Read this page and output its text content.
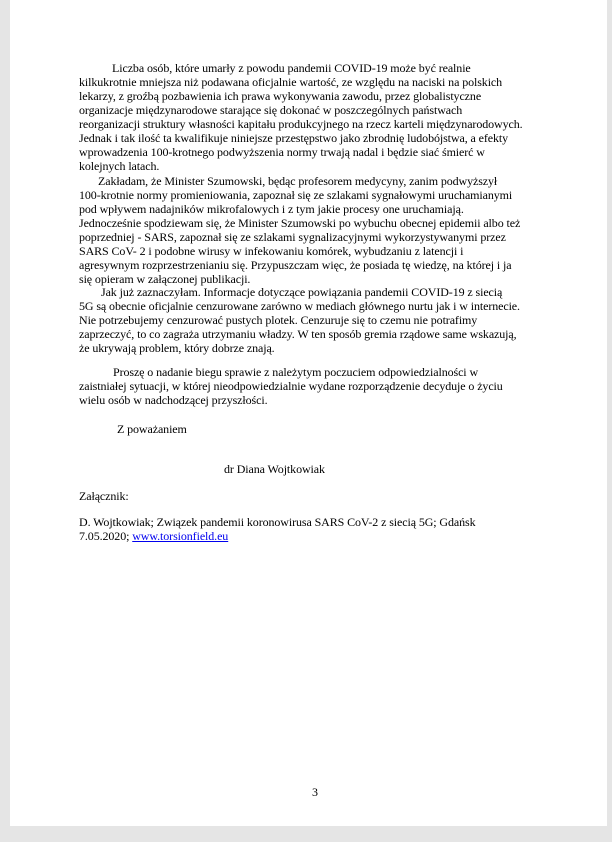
Liczba osób, które umarły z powodu pandemii COVID-19 może być realnie
kilkukrotnie mniejsza niż podawana oficjalnie wartość, ze względu na naciski na polskich
lekarzy, z groźbą pozbawienia ich prawa wykonywania zawodu, przez globalistyczne
organizacje międzynarodowe starające się dokonać w poszczególnych państwach
reorganizacji struktury własności kapitału produkcyjnego na rzecz karteli międzynarodowych.
Jednak i tak ilość ta kwalifikuje niniejsze przestępstwo jako zbrodnię ludobójstwa, a efekty
wprowadzenia 100-krotnego podwyższenia normy trwają nadal i będzie siać śmierć w
kolejnych latach.
Zakładam, że Minister Szumowski, będąc profesorem medycyny, zanim podwyższył
100-krotnie normy promieniowania, zapoznał się ze szlakami sygnałowymi uruchamianymi
pod wpływem nadajników mikrofalowych i z tym jakie procesy one uruchamiają.
Jednocześnie spodziewam się, że Minister Szumowski po wybuchu obecnej epidemii albo też
poprzedniej - SARS, zapoznał się ze szlakami sygnalizacyjnymi wykorzystywanymi przez
SARS CoV- 2 i podobne wirusy w infekowaniu komórek, wybudzaniu z latencji i
agresywnym rozprzestrzenianiu się. Przypuszczam więc, że posiada tę wiedzę, na której i ja
się opieram w załączonej publikacji.
Jak już zaznaczyłam. Informacje dotyczące powiązania pandemii COVID-19 z siecią
5G są obecnie oficjalnie cenzurowane zarówno w mediach głównego nurtu jak i w internecie.
Nie potrzebujemy cenzurować pustych plotek. Cenzuruje się to czemu nie potrafimy
zaprzeczyć, to co zagraża utrzymaniu władzy. W ten sposób gremia rządowe same wskazują,
że ukrywają problem, który dobrze znają.
Proszę o nadanie biegu sprawie z należytym poczuciem odpowiedzialności w
zaistniałej sytuacji, w której nieodpowiedzialnie wydane rozporządzenie decyduje o życiu
wielu osób w nadchodzącej przyszłości.
Z poważaniem
dr Diana Wojtkowiak
Załącznik:
D. Wojtkowiak; Związek pandemii koronowirusa SARS CoV-2 z siecią 5G; Gdańsk
7.05.2020; www.torsionfield.eu
3
